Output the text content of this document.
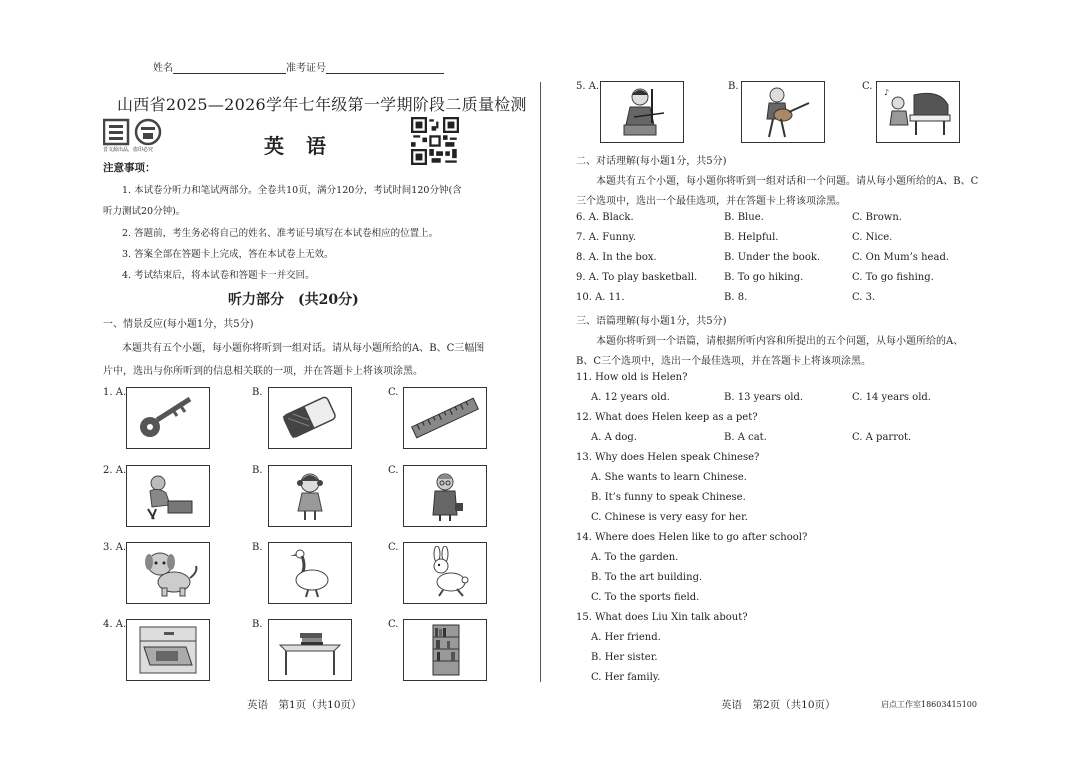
姓名	准考证号
山西省2025—2026学年七年级第一学期阶段二质量检测
晋文源出品，盗印必究	英语
注意事项：
1. 本试卷分听力和笔试两部分。全卷共10页，满分120分，考试时间120分钟(含
听力测试20分钟)。
2. 答题前，考生务必将自己的姓名、准考证号填写在本试卷相应的位置上。
3. 答案全部在答题卡上完成，答在本试卷上无效。
4. 考试结束后，将本试卷和答题卡一并交回。
听力部分　(共20分)
一、情景反应(每小题1分，共5分)
本题共有五个小题，每小题你将听到一组对话。请从每小题所给的A、B、C三幅图
片中，选出与你所听到的信息相关联的一项，并在答题卡上将该项涂黑。
1. A.	B.	C.
2. A.	B.	C.
3. A.	B.	C.
4. A.	B.	C.
英语　第1页（共10页）
5. A.	B.	C.
♪
二、对话理解(每小题1分，共5分)
本题共有五个小题，每小题你将听到一组对话和一个问题。请从每小题所给的A、B、C
三个选项中，选出一个最佳选项，并在答题卡上将该项涂黑。
6. A. Black.	B. Blue.	C. Brown.
7. A. Funny.	B. Helpful.	C. Nice.
8. A. In the box.	B. Under the book.	C. On Mum’s head.
9. A. To play basketball.	B. To go hiking.	C. To go fishing.
10. A. 11.	B. 8.	C. 3.
三、语篇理解(每小题1分，共5分)
本题你将听到一个语篇，请根据所听内容和所提出的五个问题，从每小题所给的A、
B、C三个选项中，选出一个最佳选项，并在答题卡上将该项涂黑。
11. How old is Helen?
A. 12 years old.	B. 13 years old.	C. 14 years old.
12. What does Helen keep as a pet?
A. A dog.	B. A cat.	C. A parrot.
13. Why does Helen speak Chinese?
A. She wants to learn Chinese.
B. It’s funny to speak Chinese.
C. Chinese is very easy for her.
14. Where does Helen like to go after school?
A. To the garden.
B. To the art building.
C. To the sports field.
15. What does Liu Xin talk about?
A. Her friend.
B. Her sister.
C. Her family.
英语　第2页（共10页）	启点工作室18603415100
